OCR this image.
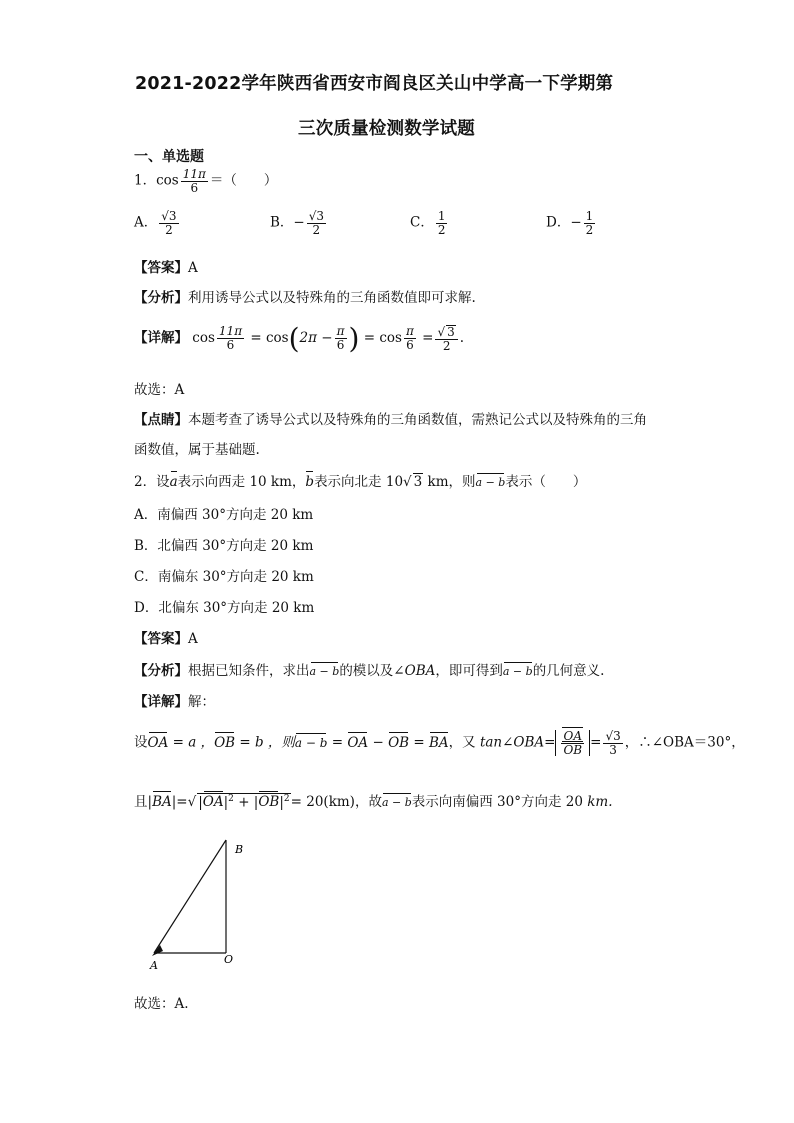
2021-2022学年陕西省西安市阎良区关山中学高一下学期第
三次质量检测数学试题
一、单选题
1．$\cos \frac{11\pi}{6}$ ＝（　　）
A． $\frac{√3}{2}$	B．− $\frac{√3}{2}$	C． $\frac{1}{2}$	D．− $\frac{1}{2}$
【答案】A
【分析】利用诱导公式以及特殊角的三角函数值即可求解.
【详解】 $\cos \frac{11\pi}{6} = \cos(2\pi - \frac{\pi}{6}$ ) = $\cos \frac{\pi}{6} = \frac{√ 3}{2}$ .
故选：A
【点睛】本题考查了诱导公式以及特殊角的三角函数值，需熟记公式以及特殊角的三角
函数值，属于基础题.
2．设a表示向西走 10 km，b表示向北走 10√ 3 km，则a − b表示（　　）
A．南偏西 30°方向走 20 km
B．北偏西 30°方向走 20 km
C．南偏东 30°方向走 20 km
D．北偏东 30°方向走 20 km
【答案】A
【分析】根据已知条件，求出a − b的模以及∠OBA，即可得到a − b的几何意义.
【详解】解：
设OA = a ，OB = b ，则a − b = OA − OB = BA，又 tan∠OBA= $\frac{OA}{OB} = \frac{√3}{3}$ ，∴∠OBA＝30°，
且|BA|=√ $|OA|^2 + |OB|^2= 20(km)$，故a − b表示向南偏西 30°方向走 20 km.
B
A	O
故选：A.
